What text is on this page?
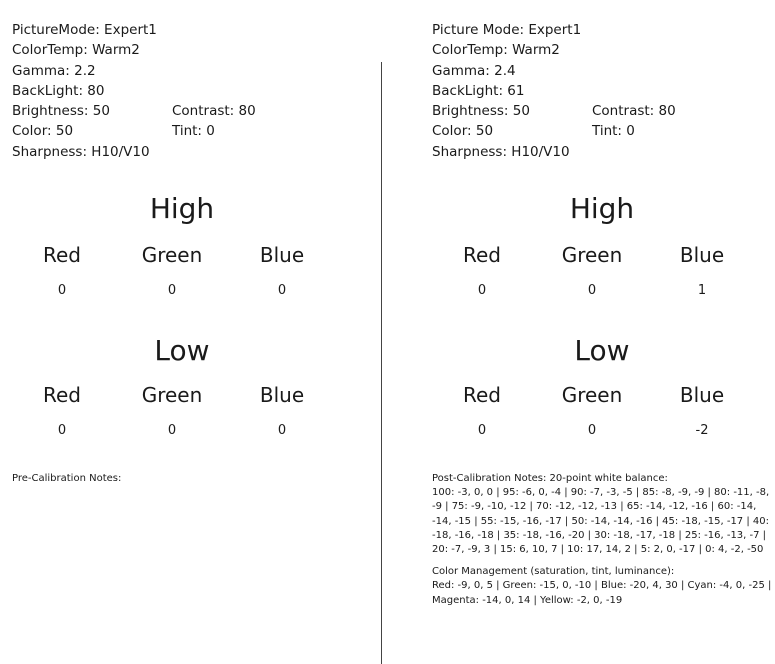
PictureMode: Expert1
ColorTemp: Warm2
Gamma: 2.2
BackLight: 80
Brightness: 50	Contrast: 80
Color: 50	Tint: 0
Sharpness: H10/V10
High
Red	Green	Blue
0	0	0
Low
Red	Green	Blue
0	0	0
Pre-Calibration Notes:
Picture Mode: Expert1
ColorTemp: Warm2
Gamma: 2.4
BackLight: 61
Brightness: 50	Contrast: 80
Color: 50	Tint: 0
Sharpness: H10/V10
High
Red	Green	Blue
0	0	1
Low
Red	Green	Blue
0	0	-2

Post-Calibration Notes: 20-point white balance:
100: -3, 0, 0 | 95: -6, 0, -4 | 90: -7, -3, -5 | 85: -8, -9, -9 | 80: -11, -8, -9 | 75: -9, -10, -12 | 70: -12, -12, -13 | 65: -14, -12, -16 | 60: -14, -14, -15 | 55: -15, -16, -17 | 50: -14, -14, -16 | 45: -18, -15, -17 | 40: -18, -16, -18 | 35: -18, -16, -20 | 30: -18, -17, -18 | 25: -16, -13, -7 | 20: -7, -9, 3 | 15: 6, 10, 7 | 10: 17, 14, 2 | 5: 2, 0, -17 | 0: 4, -2, -50

Color Management (saturation, tint, luminance):
Red: -9, 0, 5 | Green: -15, 0, -10 | Blue: -20, 4, 30 | Cyan: -4, 0, -25 | Magenta: -14, 0, 14 | Yellow: -2, 0, -19
